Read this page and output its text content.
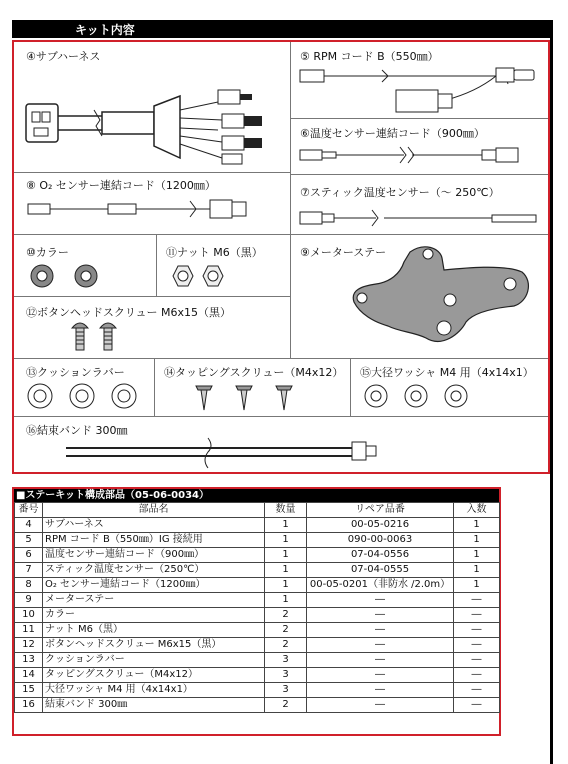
キット内容
④サブハーネス	⑤ RPM コード B（550㎜）
⑥温度センサー連結コード（900㎜）
⑧ O₂ センサー連結コード（1200㎜）
⑦スティック温度センサー（～ 250℃）
⑩カラー	⑪ナット M6（黒）	⑨メーターステー
⑫ボタンヘッドスクリュー M6x15（黒）
⑬クッションラバー	⑭タッピングスクリュー（M4x12） ⑮大径ワッシャ M4 用（4x14x1）
⑯結束バンド 300㎜
■ステーキット構成部品（05-06-0034）
番号	部品名	数量	リペア品番	入数
4	サブハーネス	1	00-05-0216	1
5	RPM コード B（550㎜）IG 接続用	1	090-00-0063	1
6	温度センサー連結コード（900㎜）	1	07-04-0556	1
7	スティック温度センサー（250℃）	1	07-04-0555	1
8	O₂ センサー連結コード（1200㎜）	1	00-05-0201（非防水 /2.0m）	1
9	メーターステー	1	―	―
10	カラー	2	―	―
11	ナット M6（黒）	2	―	―
12	ボタンヘッドスクリュー M6x15（黒）	2	―	―
13	クッションラバー	3	―	―
14	タッピングスクリュー（M4x12）	3	―	―
15	大径ワッシャ M4 用（4x14x1）	3	―	―
16	結束バンド 300㎜	2	―	―
